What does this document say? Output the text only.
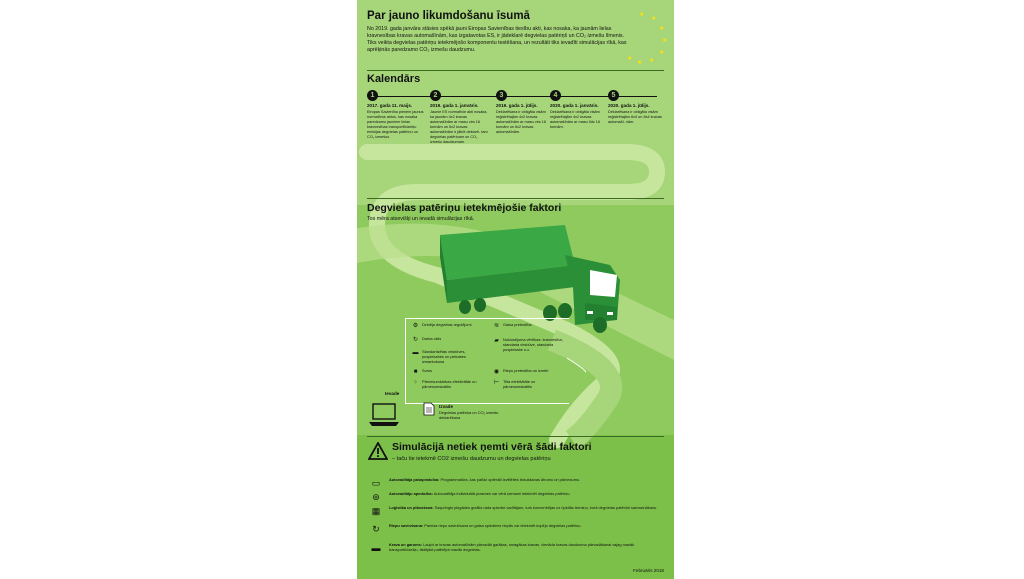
Par jauno likumdošanu īsumā
No 2019. gada janvāra stāsies spēkā jauni Eiropas Savienības tiesību akti, kas nosaka, ka jaunām lielas kravnesības kravas automašīnām, kas izgatavotas ES, ir jādeklarē degvielas patēriņš un CO₂ izmešu līmenis. Tiks veikta degvielas patēriņu ietekmējošo komponentu testēšana, un rezultāti tiks ievadīti simulācijas rīkā, kas aprēķinās paredzamo CO₂ izmešu daudzumu.
★
★
★
★
★
★
★
★
Kalendārs
1
2017. gada 11. maijs.
Eiropas Savienība pieņem jaunus normatīvos aktus, kas nosaka paredzamo jaunlem lielas kravnesības transportlīdzekļu emisijas degvielas patēriņu un CO₂ izmešus.
2
2019. gada 1. janvāris.
Jaunie ES normatīvie akti nosaka, ka jaunām 4x2 kravas automašīnām ar masu virs 16 tonnām un 6x2 kravas automašīnām ir jābūt deklarē- tam degvielas patēriņam un CO₂ izmešu daudzumam.
3
2019. gada 1. jūlijs.
Deklarēšana ir obligāta visām reģistrētajām 4x2 kravas automašīnām ar masu virs 16 tonnām un 6x2 kravas automašīnām.
4
2020. gada 1. janvāris.
Deklarēšana ir obligāta visām reģistrētajām 4x2 kravas automašīnām ar masu līdz 16 tonnām.
5
2020. gada 1. jūlijs.
Deklarēšana ir obligāta visām reģistrētajām 6x4 un 8x4 kravas automašī- nām.
Degvielas patēriņu ietekmējošie faktori
Tos mēra atsevišķi un ievadā simulācijas rīkā.
⚙ Dzinēja degvielas regulējumi
↻ Darba cikls
▬ Standartizētas virsbūves, puspiekabes un piekabes izmantošana
■	Svars
⁘ Pārnesumkārbas efektivitāte un pārnesumskaitlis
≋ Gaisa pretestība
▰	Noklusējuma vērtības: kravnesība, standarta virsbūve, standarta puspiekabe u.c.
◉ Riepu pretestība un izmēri
⊢ Tilta efektivitāte un pārnesumskaitlis
Ievade
Izvade
Degvielas patēriņa un CO₂ izmešu deklarēšana
Simulācijā netiek ņemti vērā šādi faktori
– taču tie ietekmē CO2 izmešu daudzumu un degvielas patēriņu
▭	Autovadītāja pašapmācība: Programmatūra, kas palīdz optimāli izvēlēties braukšanas ātrumu un pārnesumu.
⊛	Autovadītāju apmācība: Autovadītāja individuālā prasmes var vērā ņemami ietekmēt degvielas patēriņu.
▦	Loģistika un plānošana: Saspringts piegādes grafiks rada spiedici vadītājam, turk koncentrējas uz ūpidlās termiņu, kurā degvielas patēriņš samazināšanu.
↻	Riepu savirzīsana: Pareiza riepu savirzīsana un gaisa spiediens riepās var ietekmēt kopējo degvielas patēriņu.
▬	Krava un garums: Ļaujot ar kravas automašīnām pārvadāt garākas, smagākas kravas, vienāda kravas daudzuma pārvadāšanai vajag mazāk transportlīdzekļu, tādējādi patērējot mazāk degvielas.
Februāris 2018
